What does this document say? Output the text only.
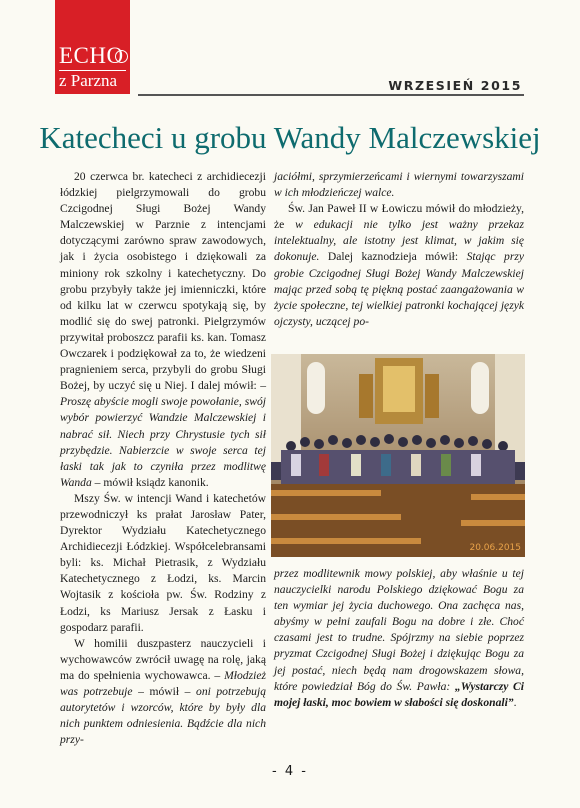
ECHO
z Parzna	WRZESIEŃ 2015
Katecheci u grobu Wandy Malczewskiej

20 czerwca br. katecheci z archidiecezji łódzkiej pielgrzymowali do grobu Czcigodnej Sługi Bożej Wandy Malczewskiej w Parznie z intencjami dotyczącymi zarówno spraw zawodowych, jak i życia osobistego i dziękowali za miniony rok szkolny i katechetyczny. Do grobu przybyły także jej imienniczki, które od kilku lat w czerwcu spotykają się, by modlić się do swej patronki. Pielgrzymów przywitał proboszcz parafii ks. kan. Tomasz Owczarek i podziękował za to, że wiedzeni pragnieniem serca, przybyli do grobu Sługi Bożej, by uczyć się u Niej. I dalej mówił: – Proszę abyście mogli swoje powołanie, swój wybór powierzyć Wandzie Malczewskiej i nabrać sił. Niech przy Chrystusie tych sił przybędzie. Nabierzcie w swoje serca tej łaski tak jak to czyniła przez modlitwę Wanda – mówił ksiądz kanonik.

Mszy Św. w intencji Wand i katechetów przewodniczył ks prałat Jarosław Pater, Dyrektor Wydziału Katechetycznego Archidiecezji Łódzkiej. Współcelebransami byli: ks. Michał Pietrasik, z Wydziału Katechetycznego z Łodzi, ks. Marcin Wojtasik z kościoła pw. Św. Rodziny z Łodzi, ks Mariusz Jersak z Łasku i gospodarz parafii.

W homilii duszpasterz nauczycieli i wychowawców zwrócił uwagę na rolę, jaką ma do spełnienia wychowawca. – Młodzież was potrzebuje – mówił – oni potrzebują autorytetów i wzorców, które by były dla nich punktem odniesienia. Bądźcie dla nich przy-

jaciółmi, sprzymierzeńcami i wiernymi towarzyszami w ich młodzieńczej walce.

Św. Jan Paweł II w Łowiczu mówił do młodzieży, że w edukacji nie tylko jest ważny przekaz intelektualny, ale istotny jest klimat, w jakim się dokonuje. Dalej kaznodzieja mówił: Stając przy grobie Czcigodnej Sługi Bożej Wandy Malczewskiej mając przed sobą tę piękną postać zaangażowania w życie społeczne, tej wielkiej patronki kochającej język ojczysty, uczącej po-

20.06.2015

przez modlitewnik mowy polskiej, aby właśnie u tej nauczycielki narodu Polskiego dziękować Bogu za ten wymiar jej życia duchowego. Ona zachęca nas, abyśmy w pełni zaufali Bogu na dobre i złe. Choć czasami jest to trudne. Spójrzmy na siebie poprzez pryzmat Czcigodnej Sługi Bożej i dziękując Bogu za jej postać, niech będą nam drogowskazem słowa, które powiedział Bóg do Św. Pawła: „Wystarczy Ci mojej łaski, moc bowiem w słabości się doskonali”.

- 4 -
